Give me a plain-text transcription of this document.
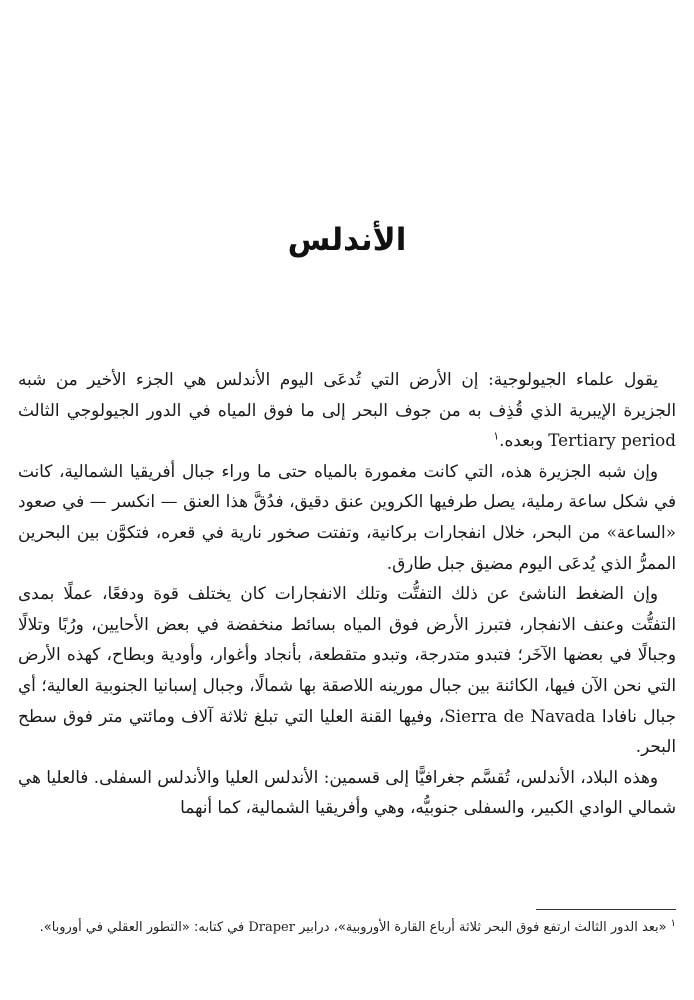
الأندلس

يقول علماء الجيولوجية: إن الأرض التي تُدعَى اليوم الأندلس هي الجزء الأخير من شبه الجزيرة الإيبرية الذي قُذِف به من جوف البحر إلى ما فوق المياه في الدور الجيولوجي الثالث Tertiary period وبعده.$^١$

وإن شبه الجزيرة هذه، التي كانت مغمورة بالمياه حتى ما وراء جبال أفريقيا الشمالية، كانت في شكل ساعة رملية، يصل طرفيها الكروين عنق دقيق، فدُقَّ هذا العنق — انكسر — في صعود «الساعة» من البحر، خلال انفجارات بركانية، وتفتت صخور نارية في قعره، فتكوَّن بين البحرين الممرُّ الذي يُدعَى اليوم مضيق جبل طارق.

وإن الضغط الناشئ عن ذلك التفتُّت وتلك الانفجارات كان يختلف قوة ودفعًا، عملًا بمدى التفتُّت وعنف الانفجار، فتبرز الأرض فوق المياه بسائط منخفضة في بعض الأحايين، ورُبًا وتلالًا وجبالًا في بعضها الآخَر؛ فتبدو متدرجة، وتبدو متقطعة، بأنجاد وأغوار، وأودية وبطاح، كهذه الأرض التي نحن الآن فيها، الكائنة بين جبال مورينه اللاصقة بها شمالًا، وجبال إسبانيا الجنوبية العالية؛ أي جبال نافادا Sierra de Navada، وفيها القنة العليا التي تبلغ ثلاثة آلاف ومائتي متر فوق سطح البحر.

وهذه البلاد، الأندلس، تُقسَّم جغرافيًّا إلى قسمين: الأندلس العليا والأندلس السفلى. فالعليا هي شمالي الوادي الكبير، والسفلى جنوبيُّه، وهي وأفريقيا الشمالية، كما أنهما

$^١$«بعد الدور الثالث ارتفع فوق البحر ثلاثة أرباع القارة الأوروبية»، درابير Draper في كتابه: «التطور العقلي في أوروبا».
